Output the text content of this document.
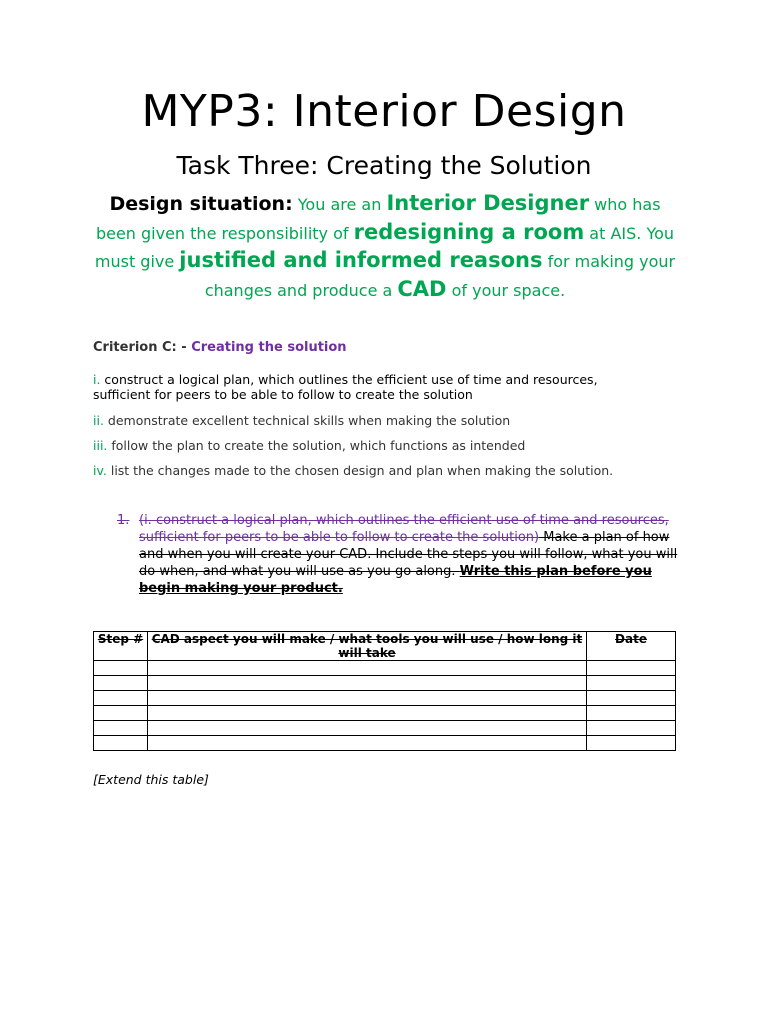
MYP3: Interior Design
Task Three: Creating the Solution
Design situation: You are an Interior Designer who has been given the responsibility of redesigning a room at AIS. You must give justified and informed reasons for making your changes and produce a CAD of your space.
Criterion C: - Creating the solution
i. construct a logical plan, which outlines the efficient use of time and resources, sufficient for peers to be able to follow to create the solution
ii. demonstrate excellent technical skills when making the solution
iii. follow the plan to create the solution, which functions as intended
iv. list the changes made to the chosen design and plan when making the solution.
1. (i. construct a logical plan, which outlines the efficient use of time and resources, sufficient for peers to be able to follow to create the solution) Make a plan of how and when you will create your CAD. Include the steps you will follow, what you will do when, and what you will use as you go along. Write this plan before you begin making your product.
Step #	CAD aspect you will make / what tools you will use / how long it will take	Date

[Extend this table]
